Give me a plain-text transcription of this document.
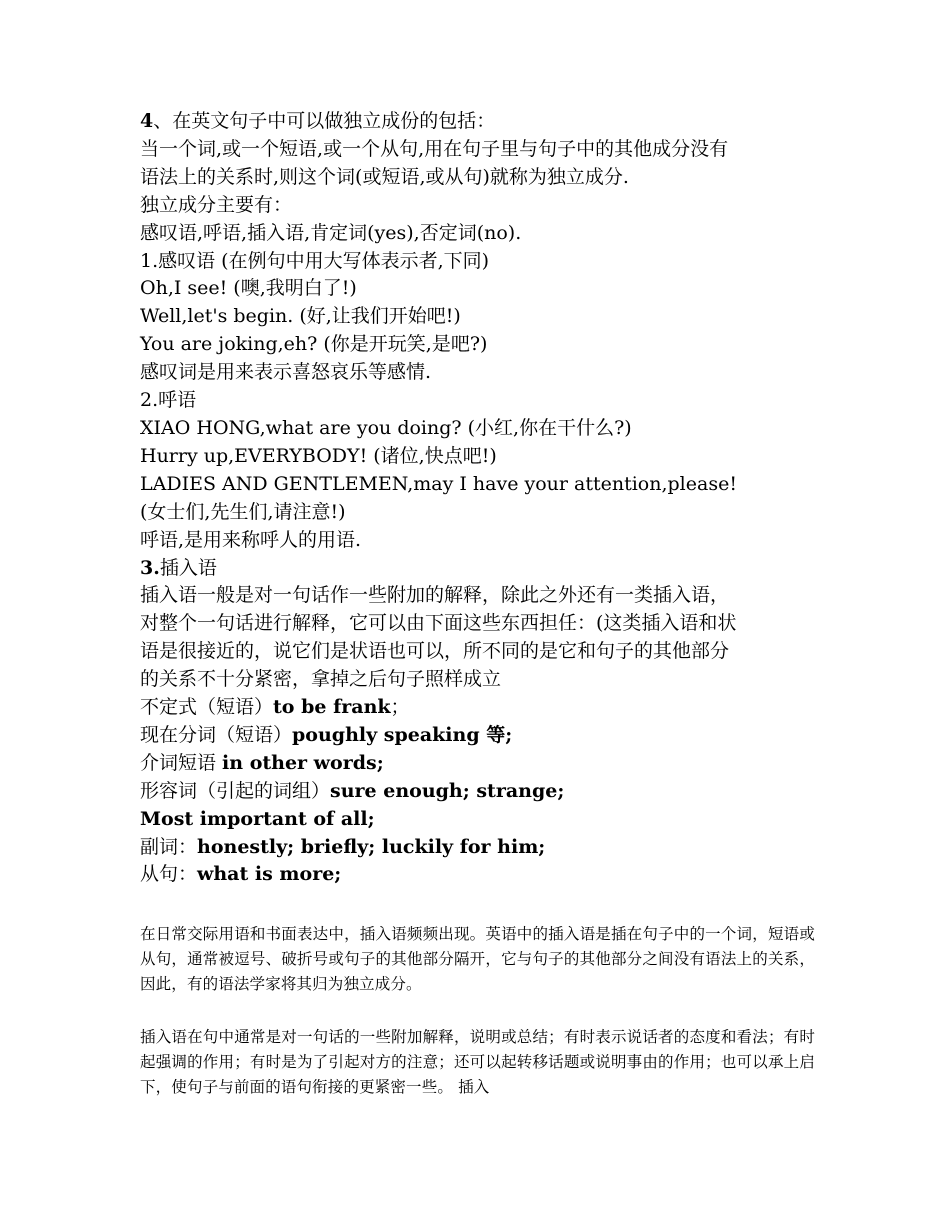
4、在英文句子中可以做独立成份的包括：

当一个词,或一个短语,或一个从句,用在句子里与句子中的其他成分没有

语法上的关系时,则这个词(或短语,或从句)就称为独立成分.

独立成分主要有：

感叹语,呼语,插入语,肯定词(yes),否定词(no).

1.感叹语 (在例句中用大写体表示者,下同)

Oh,I see! (噢,我明白了!)

Well,let's begin. (好,让我们开始吧!)

You are joking,eh? (你是开玩笑,是吧?)

感叹词是用来表示喜怒哀乐等感情.

2.呼语

XIAO HONG,what are you doing? (小红,你在干什么?)

Hurry up,EVERYBODY! (诸位,快点吧!)

LADIES AND GENTLEMEN,may I have your attention,please!

(女士们,先生们,请注意!)

呼语,是用来称呼人的用语.

3.插入语

插入语一般是对一句话作一些附加的解释，除此之外还有一类插入语，

对整个一句话进行解释，它可以由下面这些东西担任：(这类插入语和状

语是很接近的，说它们是状语也可以，所不同的是它和句子的其他部分

的关系不十分紧密，拿掉之后句子照样成立

不定式（短语）to be frank；

现在分词（短语）poughly speaking 等;

介词短语 in other words;

形容词（引起的词组）sure enough; strange;

Most important of all;

副词：honestly; briefly; luckily for him;

从句：what is more;

在日常交际用语和书面表达中，插入语频频出现。英语中的插入语是插在句子中的一个词，短语或从句，通常被逗号、破折号或句子的其他部分隔开，它与句子的其他部分之间没有语法上的关系，因此，有的语法学家将其归为独立成分。

插入语在句中通常是对一句话的一些附加解释，说明或总结；有时表示说话者的态度和看法；有时起强调的作用；有时是为了引起对方的注意；还可以起转移话题或说明事由的作用；也可以承上启下，使句子与前面的语句衔接的更紧密一些。 插入
